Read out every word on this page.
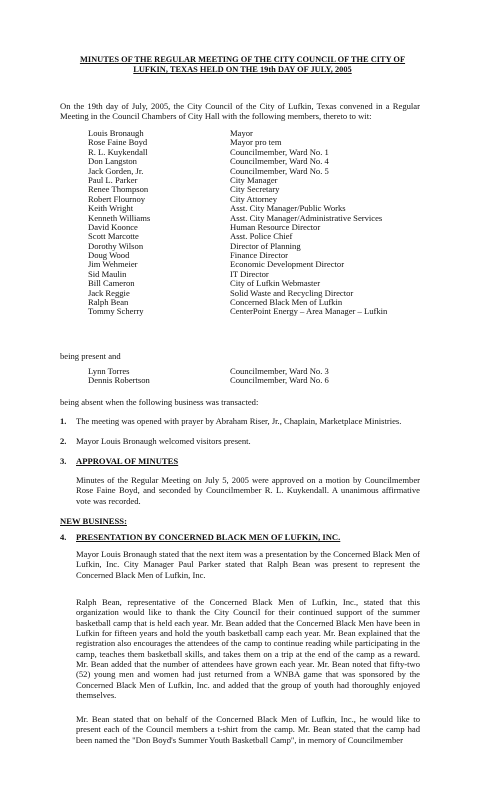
MINUTES OF THE REGULAR MEETING OF THE CITY COUNCIL OF THE CITY OF
LUFKIN, TEXAS HELD ON THE 19th DAY OF JULY, 2005
On the 19th day of July, 2005, the City Council of the City of Lufkin, Texas convened in a Regular Meeting in the Council Chambers of City Hall with the following members, thereto to wit:
Louis Bronaugh	Mayor
Rose Faine Boyd	Mayor pro tem
R. L. Kuykendall	Councilmember, Ward No. 1
Don Langston	Councilmember, Ward No. 4
Jack Gorden, Jr.	Councilmember, Ward No. 5
Paul L. Parker	City Manager
Renee Thompson	City Secretary
Robert Flournoy	City Attorney
Keith Wright	Asst. City Manager/Public Works
Kenneth Williams	Asst. City Manager/Administrative Services
David Koonce	Human Resource Director
Scott Marcotte	Asst. Police Chief
Dorothy Wilson	Director of Planning
Doug Wood	Finance Director
Jim Wehmeier	Economic Development Director
Sid Maulin	IT Director
Bill Cameron	City of Lufkin Webmaster
Jack Reggie	Solid Waste and Recycling Director
Ralph Bean	Concerned Black Men of Lufkin
Tommy Scherry	CenterPoint Energy – Area Manager – Lufkin
being present and
Lynn Torres	Councilmember, Ward No. 3
Dennis Robertson	Councilmember, Ward No. 6
being absent when the following business was transacted:
1.	The meeting was opened with prayer by Abraham Riser, Jr., Chaplain, Marketplace Ministries.
2.	Mayor Louis Bronaugh welcomed visitors present.
3.	APPROVAL OF MINUTES
Minutes of the Regular Meeting on July 5, 2005 were approved on a motion by Councilmember Rose Faine Boyd, and seconded by Councilmember R. L. Kuykendall. A unanimous affirmative vote was recorded.
NEW BUSINESS:
4.	PRESENTATION BY CONCERNED BLACK MEN OF LUFKIN, INC.
Mayor Louis Bronaugh stated that the next item was a presentation by the Concerned Black Men of Lufkin, Inc. City Manager Paul Parker stated that Ralph Bean was present to represent the Concerned Black Men of Lufkin, Inc.
Ralph Bean, representative of the Concerned Black Men of Lufkin, Inc., stated that this organization would like to thank the City Council for their continued support of the summer basketball camp that is held each year. Mr. Bean added that the Concerned Black Men have been in Lufkin for fifteen years and hold the youth basketball camp each year. Mr. Bean explained that the registration also encourages the attendees of the camp to continue reading while participating in the camp, teaches them basketball skills, and takes them on a trip at the end of the camp as a reward. Mr. Bean added that the number of attendees have grown each year. Mr. Bean noted that fifty-two (52) young men and women had just returned from a WNBA game that was sponsored by the Concerned Black Men of Lufkin, Inc. and added that the group of youth had thoroughly enjoyed themselves.
Mr. Bean stated that on behalf of the Concerned Black Men of Lufkin, Inc., he would like to present each of the Council members a t-shirt from the camp. Mr. Bean stated that the camp had been named the "Don Boyd's Summer Youth Basketball Camp", in memory of Councilmember
